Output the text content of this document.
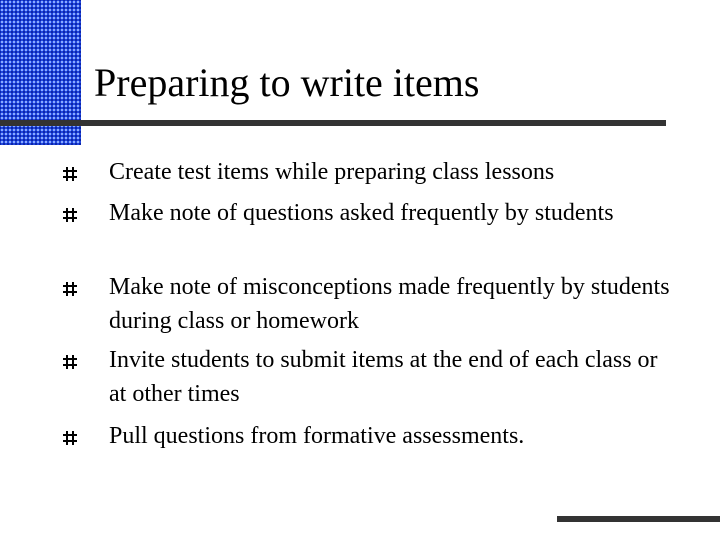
Preparing to write items
Create test items while preparing class lessons
Make note of questions asked frequently by students
Make note of misconceptions made frequently by students during class or homework
Invite students to submit items at the end of each class or at other times
Pull questions from formative assessments.
